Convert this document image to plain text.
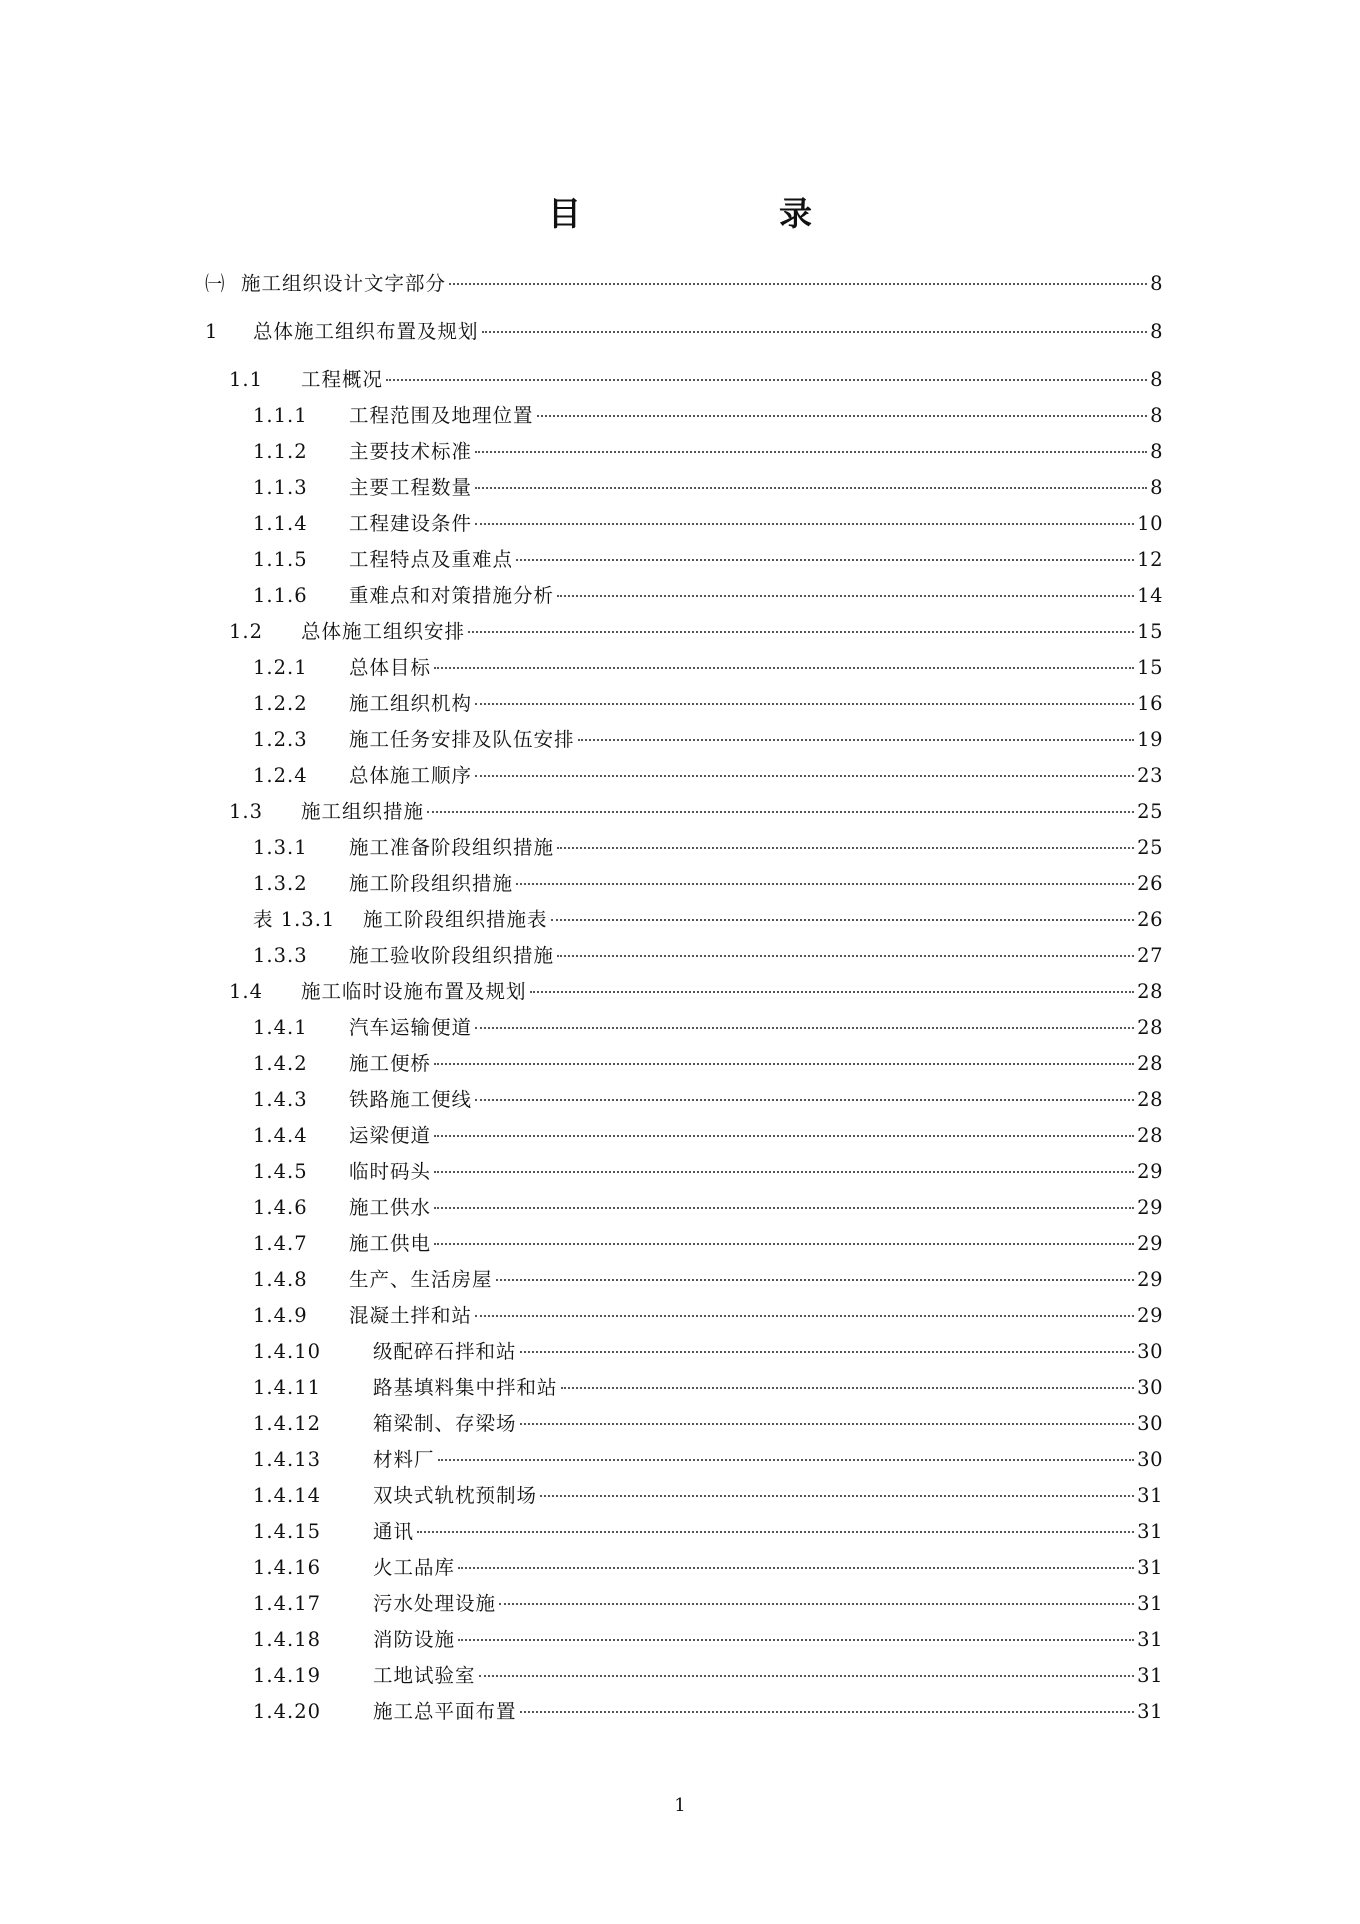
目　　录
㈠ 施工组织设计文字部分	8
1	总体施工组织布置及规划	8
1.1	工程概况	8
1.1.1	工程范围及地理位置	8
1.1.2	主要技术标准	8
1.1.3	主要工程数量	8
1.1.4	工程建设条件	10
1.1.5	工程特点及重难点	12
1.1.6	重难点和对策措施分析	14
1.2	总体施工组织安排	15
1.2.1	总体目标	15
1.2.2	施工组织机构	16
1.2.3	施工任务安排及队伍安排	19
1.2.4	总体施工顺序	23
1.3	施工组织措施	25
1.3.1	施工准备阶段组织措施	25
1.3.2	施工阶段组织措施	26
表 1.3.1	施工阶段组织措施表	26
1.3.3	施工验收阶段组织措施	27
1.4	施工临时设施布置及规划	28
1.4.1	汽车运输便道	28
1.4.2	施工便桥	28
1.4.3	铁路施工便线	28
1.4.4	运梁便道	28
1.4.5	临时码头	29
1.4.6	施工供水	29
1.4.7	施工供电	29
1.4.8	生产、生活房屋	29
1.4.9	混凝土拌和站	29
1.4.10	级配碎石拌和站	30
1.4.11	路基填料集中拌和站	30
1.4.12	箱梁制、存梁场	30
1.4.13	材料厂	30
1.4.14	双块式轨枕预制场	31
1.4.15	通讯	31
1.4.16	火工品库	31
1.4.17	污水处理设施	31
1.4.18	消防设施	31
1.4.19	工地试验室	31
1.4.20	施工总平面布置	31
1
